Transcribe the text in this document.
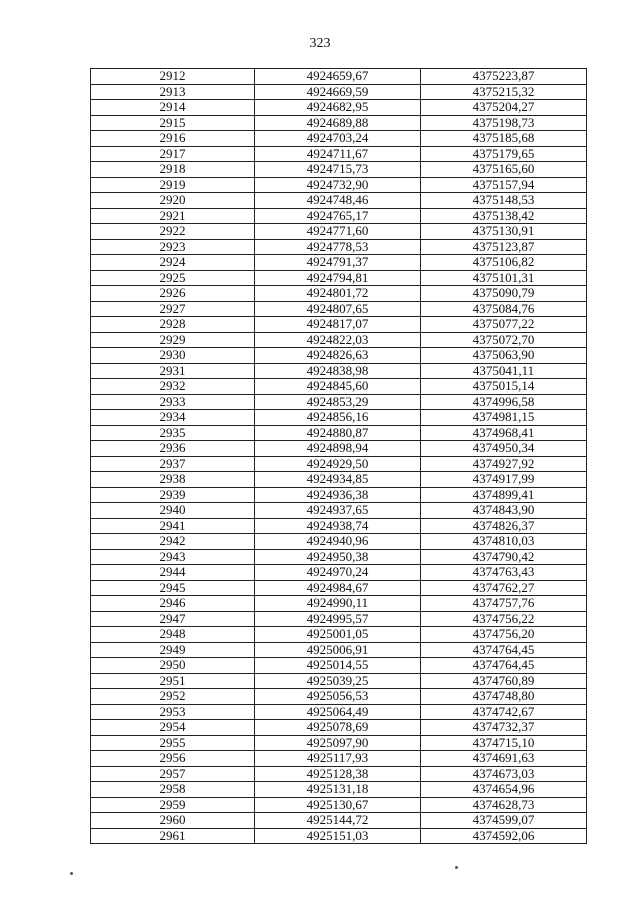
323
2912	4924659,67	4375223,87
2913	4924669,59	4375215,32
2914	4924682,95	4375204,27
2915	4924689,88	4375198,73
2916	4924703,24	4375185,68
2917	4924711,67	4375179,65
2918	4924715,73	4375165,60
2919	4924732,90	4375157,94
2920	4924748,46	4375148,53
2921	4924765,17	4375138,42
2922	4924771,60	4375130,91
2923	4924778,53	4375123,87
2924	4924791,37	4375106,82
2925	4924794,81	4375101,31
2926	4924801,72	4375090,79
2927	4924807,65	4375084,76
2928	4924817,07	4375077,22
2929	4924822,03	4375072,70
2930	4924826,63	4375063,90
2931	4924838,98	4375041,11
2932	4924845,60	4375015,14
2933	4924853,29	4374996,58
2934	4924856,16	4374981,15
2935	4924880,87	4374968,41
2936	4924898,94	4374950,34
2937	4924929,50	4374927,92
2938	4924934,85	4374917,99
2939	4924936,38	4374899,41
2940	4924937,65	4374843,90
2941	4924938,74	4374826,37
2942	4924940,96	4374810,03
2943	4924950,38	4374790,42
2944	4924970,24	4374763,43
2945	4924984,67	4374762,27
2946	4924990,11	4374757,76
2947	4924995,57	4374756,22
2948	4925001,05	4374756,20
2949	4925006,91	4374764,45
2950	4925014,55	4374764,45
2951	4925039,25	4374760,89
2952	4925056,53	4374748,80
2953	4925064,49	4374742,67
2954	4925078,69	4374732,37
2955	4925097,90	4374715,10
2956	4925117,93	4374691,63
2957	4925128,38	4374673,03
2958	4925131,18	4374654,96
2959	4925130,67	4374628,73
2960	4925144,72	4374599,07
2961	4925151,03	4374592,06
